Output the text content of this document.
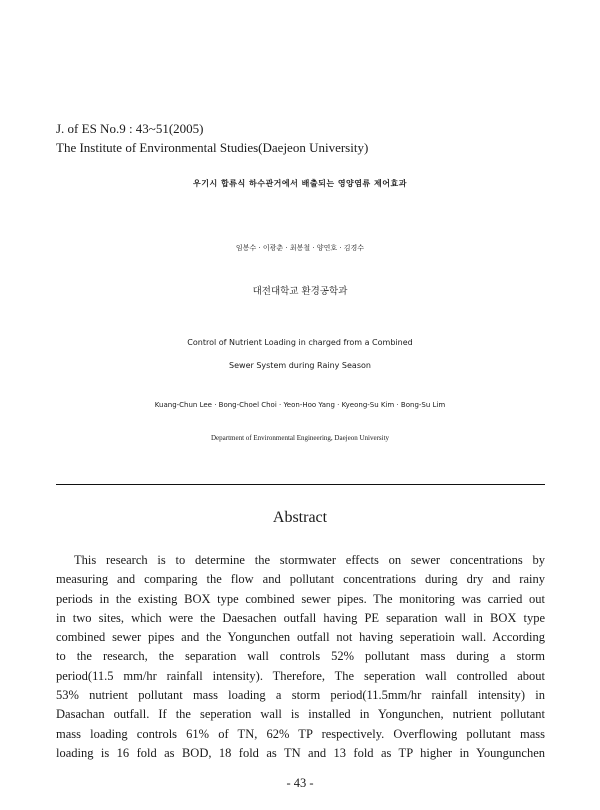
J. of ES No.9 : 43~51(2005)
The Institute of Environmental Studies(Daejeon University)
우기시 합류식 하수관거에서 배출되는 영양염류 제어효과
임봉수 · 이광춘 · 최봉철 · 양연호 · 김경수
대전대학교 환경공학과
Control of Nutrient Loading in charged from a Combined
Sewer System during Rainy Season
Kuang-Chun Lee · Bong-Choel Choi · Yeon-Hoo Yang · Kyeong-Su Kim · Bong-Su Lim
Department of Environmental Engineering, Daejeon University
Abstract
This research is to determine the stormwater effects on sewer concentrations by
measuring and comparing the flow and pollutant concentrations during dry and rainy
periods in the existing BOX type combined sewer pipes. The monitoring was carried out
in two sites, which were the Daesachen outfall having PE separation wall in BOX type
combined sewer pipes and the Yongunchen outfall not having seperatioin wall. According
to the research, the separation wall controls 52% pollutant mass during a storm
period(11.5 mm/hr rainfall intensity). Therefore, The seperation wall controlled about
53% nutrient pollutant mass loading a storm period(11.5mm/hr rainfall intensity) in
Dasachan outfall. If the seperation wall is installed in Yongunchen, nutrient pollutant
mass loading controls 61% of TN, 62% TP respectively. Overflowing pollutant mass
loading is 16 fold as BOD, 18 fold as TN and 13 fold as TP higher in Youngunchen
- 43 -
